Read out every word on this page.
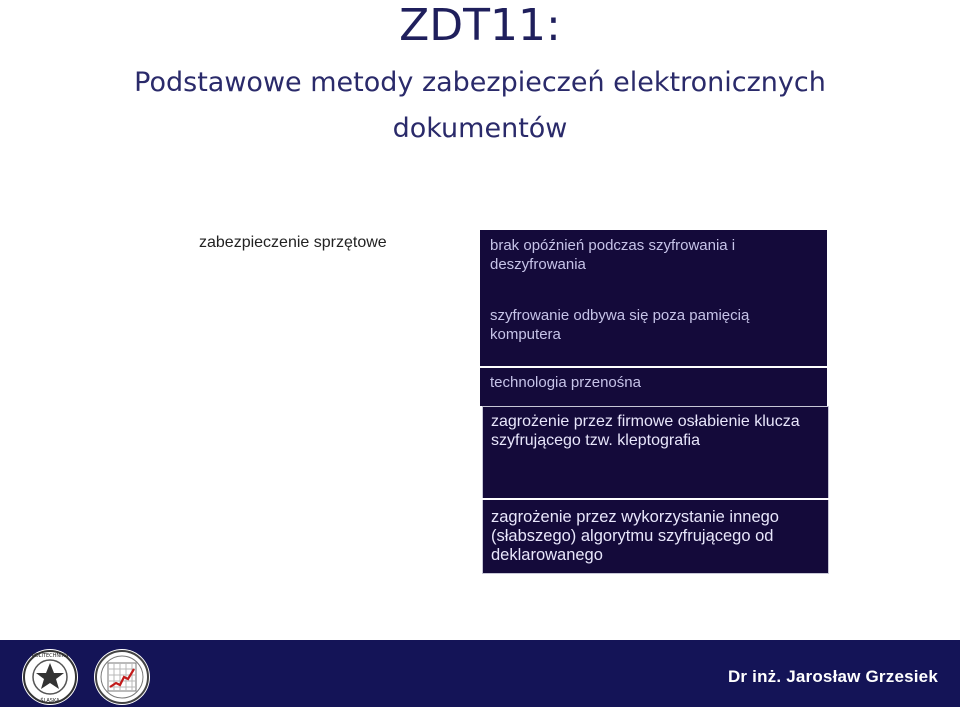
ZDT11:
Podstawowe metody zabezpieczeń elektronicznych dokumentów
zabezpieczenie sprzętowe	brak opóźnień podczas szyfrowania i deszyfrowania
szyfrowanie odbywa się poza pamięcią komputera
technologia przenośna
zagrożenie przez firmowe osłabienie klucza szyfrującego tzw. kleptografia
zagrożenie przez wykorzystanie innego (słabszego) algorytmu szyfrującego od deklarowanego
POLITECHNIKA
ŚLĄSKA
Dr inż. Jarosław Grzesiek
